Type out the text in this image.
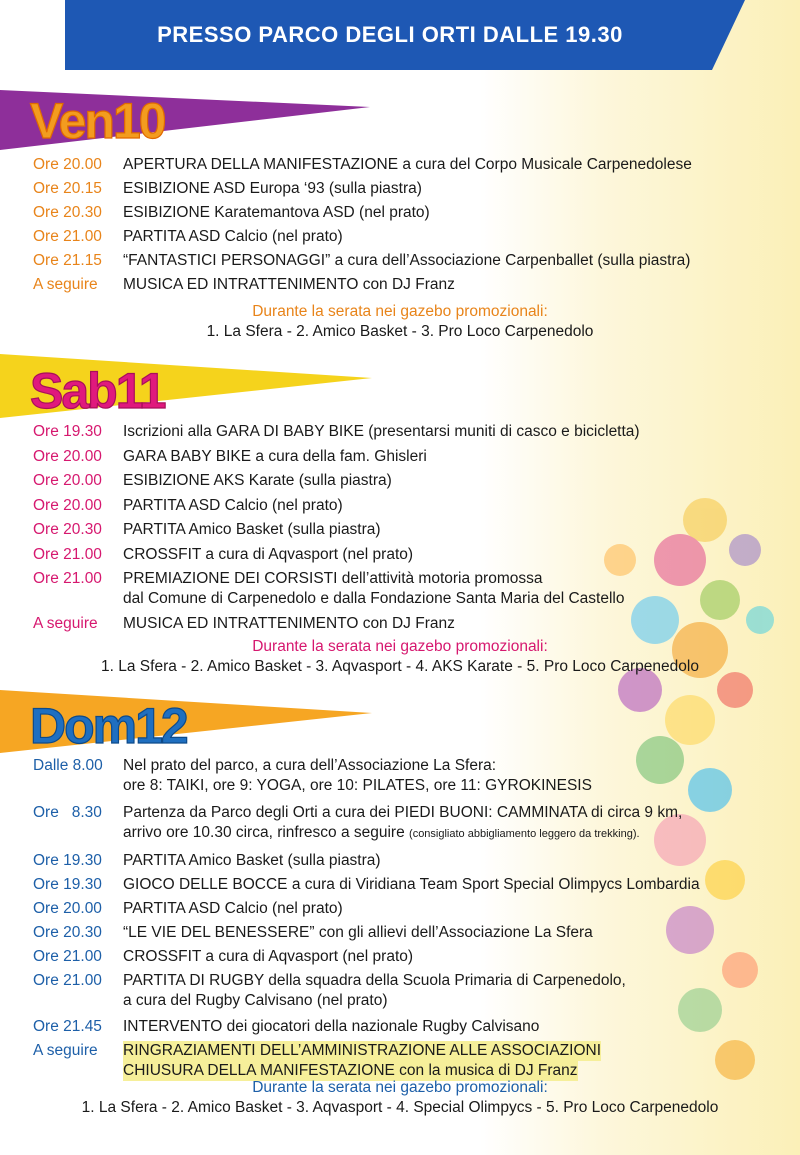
PRESSO PARCO DEGLI ORTI DALLE 19.30
Ven10
Ore 20.00	APERTURA DELLA MANIFESTAZIONE a cura del Corpo Musicale Carpenedolese
Ore 20.15	ESIBIZIONE ASD Europa ‘93 (sulla piastra)
Ore 20.30	ESIBIZIONE Karatemantova ASD (nel prato)
Ore 21.00	PARTITA ASD Calcio (nel prato)
Ore 21.15	“FANTASTICI PERSONAGGI” a cura dell’Associazione Carpenballet (sulla piastra)
A seguire	MUSICA ED INTRATTENIMENTO con DJ Franz
Durante la serata nei gazebo promozionali:
1. La Sfera - 2. Amico Basket - 3. Pro Loco Carpenedolo
Sab11
Ore 19.30	Iscrizioni alla GARA DI BABY BIKE (presentarsi muniti di casco e bicicletta)
Ore 20.00	GARA BABY BIKE a cura della fam. Ghisleri
Ore 20.00	ESIBIZIONE AKS Karate (sulla piastra)
Ore 20.00	PARTITA ASD Calcio (nel prato)
Ore 20.30	PARTITA Amico Basket (sulla piastra)
Ore 21.00	CROSSFIT a cura di Aqvasport (nel prato)
Ore 21.00	PREMIAZIONE DEI CORSISTI dell’attività motoria promossa
dal Comune di Carpenedolo e dalla Fondazione Santa Maria del Castello
A seguire	MUSICA ED INTRATTENIMENTO con DJ Franz
Durante la serata nei gazebo promozionali:
1. La Sfera - 2. Amico Basket - 3. Aqvasport - 4. AKS Karate - 5. Pro Loco Carpenedolo
Dom12
Dalle 8.00	Nel prato del parco, a cura dell’Associazione La Sfera:
ore 8: TAIKI, ore 9: YOGA, ore 10: PILATES, ore 11: GYROKINESIS
Ore   8.30	Partenza da Parco degli Orti a cura dei PIEDI BUONI: CAMMINATA di circa 9 km,
arrivo ore 10.30 circa, rinfresco a seguire (consigliato abbigliamento leggero da trekking).
Ore 19.30	PARTITA Amico Basket (sulla piastra)
Ore 19.30	GIOCO DELLE BOCCE a cura di Viridiana Team Sport Special Olimpycs Lombardia
Ore 20.00	PARTITA ASD Calcio (nel prato)
Ore 20.30	“LE VIE DEL BENESSERE” con gli allievi dell’Associazione La Sfera
Ore 21.00	CROSSFIT a cura di Aqvasport (nel prato)
Ore 21.00	PARTITA DI RUGBY della squadra della Scuola Primaria di Carpenedolo,
a cura del Rugby Calvisano (nel prato)
Ore 21.45	INTERVENTO dei giocatori della nazionale Rugby Calvisano
A seguire	RINGRAZIAMENTI DELL’AMMINISTRAZIONE ALLE ASSOCIAZIONI
CHIUSURA DELLA MANIFESTAZIONE con la musica di DJ Franz
Durante la serata nei gazebo promozionali:
1. La Sfera - 2. Amico Basket - 3. Aqvasport - 4. Special Olimpycs - 5. Pro Loco Carpenedolo
